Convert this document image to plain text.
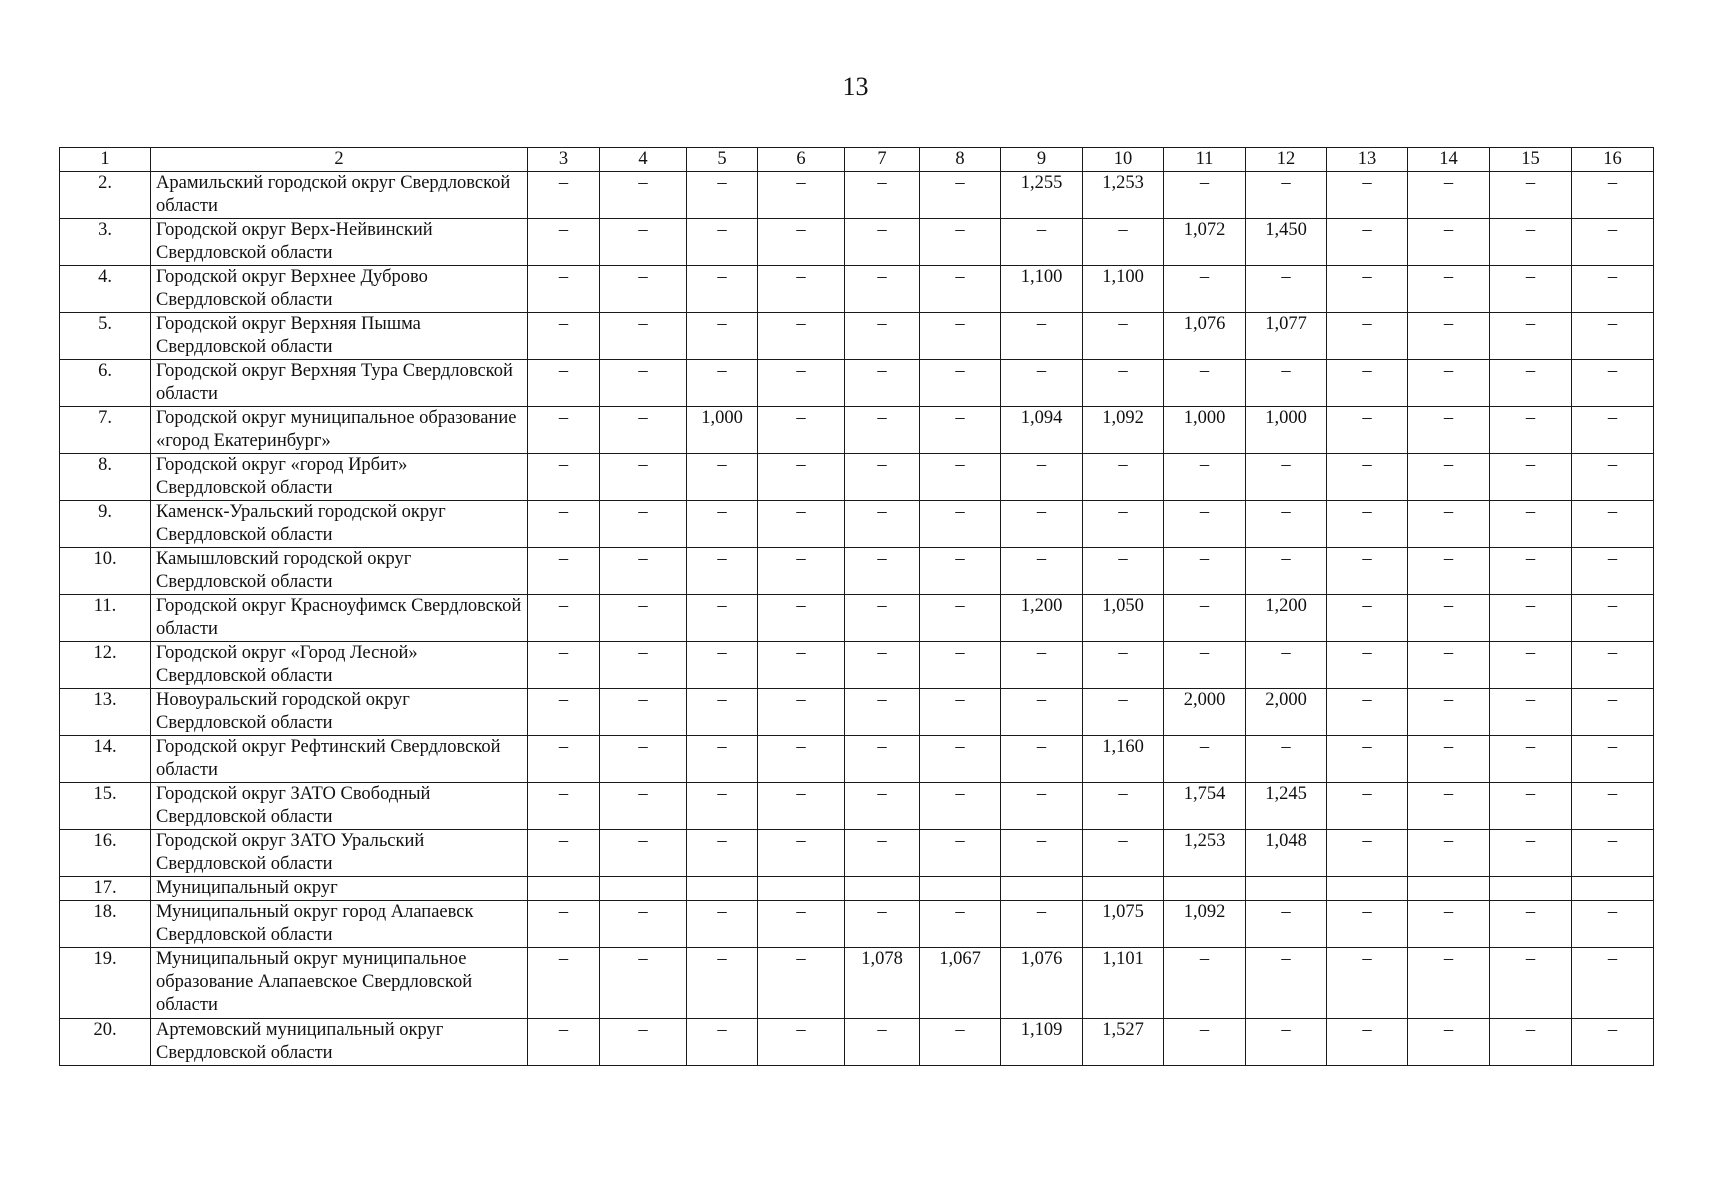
13
1	2	3	4	5	6	7	8	9	10	11	12	13	14	15	16
2.	Арамильский городской округ Свердловской области	–	–	–	–	–	–	1,255	1,253	–	–	–	–	–	–
3.	Городской округ Верх-Нейвинский Свердловской области	–	–	–	–	–	–	–	–	1,072	1,450	–	–	–	–
4.	Городской округ Верхнее Дуброво Свердловской области	–	–	–	–	–	–	1,100	1,100	–	–	–	–	–	–
5.	Городской округ Верхняя Пышма Свердловской области	–	–	–	–	–	–	–	–	1,076	1,077	–	–	–	–
6.	Городской округ Верхняя Тура Свердловской области	–	–	–	–	–	–	–	–	–	–	–	–	–	–
7.	Городской округ муниципальное образование «город Екатеринбург»	–	–	1,000	–	–	–	1,094	1,092	1,000	1,000	–	–	–	–
8.	Городской округ «город Ирбит» Свердловской области	–	–	–	–	–	–	–	–	–	–	–	–	–	–
9.	Каменск-Уральский городской округ Свердловской области	–	–	–	–	–	–	–	–	–	–	–	–	–	–
10.	Камышловский городской округ Свердловской области	–	–	–	–	–	–	–	–	–	–	–	–	–	–
11.	Городской округ Красноуфимск Свердловской области	–	–	–	–	–	–	1,200	1,050	–	1,200	–	–	–	–
12.	Городской округ «Город Лесной» Свердловской области	–	–	–	–	–	–	–	–	–	–	–	–	–	–
13.	Новоуральский городской округ Свердловской области	–	–	–	–	–	–	–	–	2,000	2,000	–	–	–	–
14.	Городской округ Рефтинский Свердловской области	–	–	–	–	–	–	–	1,160	–	–	–	–	–	–
15.	Городской округ ЗАТО Свободный Свердловской области	–	–	–	–	–	–	–	–	1,754	1,245	–	–	–	–
16.	Городской округ ЗАТО Уральский Свердловской области	–	–	–	–	–	–	–	–	1,253	1,048	–	–	–	–
17.	Муниципальный округ														
18.	Муниципальный округ город Алапаевск Свердловской области	–	–	–	–	–	–	–	1,075	1,092	–	–	–	–	–
19.	Муниципальный округ муниципальное образование Алапаевское Свердловской области	–	–	–	–	1,078	1,067	1,076	1,101	–	–	–	–	–	–
20.	Артемовский муниципальный округ Свердловской области	–	–	–	–	–	–	1,109	1,527	–	–	–	–	–	–
